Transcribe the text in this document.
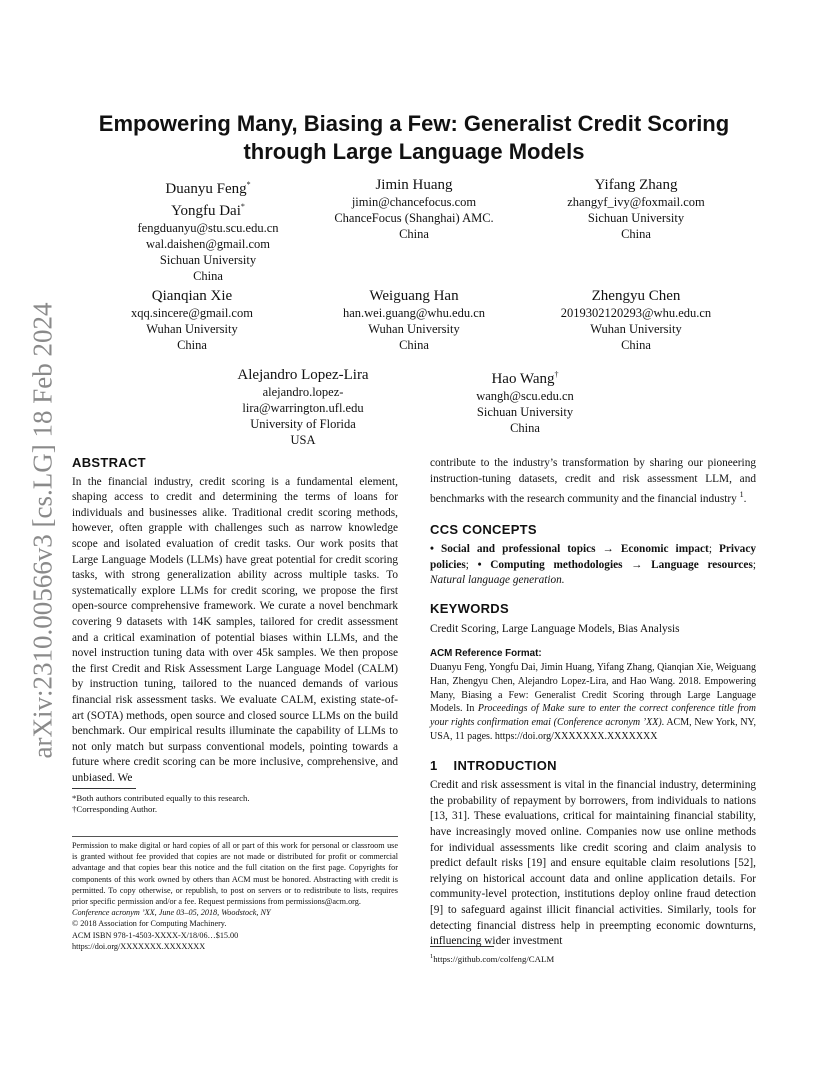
arXiv:2310.00566v3 [cs.LG] 18 Feb 2024
Empowering Many, Biasing a Few: Generalist Credit Scoring
through Large Language Models
Duanyu Feng*
Yongfu Dai*
fengduanyu@stu.scu.edu.cn
wal.daishen@gmail.com
Sichuan University
China
Jimin Huang
jimin@chancefocus.com
ChanceFocus (Shanghai) AMC.
China
Yifang Zhang
zhangyf_ivy@foxmail.com
Sichuan University
China
Qianqian Xie
xqq.sincere@gmail.com
Wuhan University
China
Weiguang Han
han.wei.guang@whu.edu.cn
Wuhan University
China
Zhengyu Chen
2019302120293@whu.edu.cn
Wuhan University
China
Alejandro Lopez-Lira
alejandro.lopez-
lira@warrington.ufl.edu
University of Florida
USA
Hao Wang†
wangh@scu.edu.cn
Sichuan University
China
ABSTRACT

In the financial industry, credit scoring is a fundamental element, shaping access to credit and determining the terms of loans for individuals and businesses alike. Traditional credit scoring methods, however, often grapple with challenges such as narrow knowledge scope and isolated evaluation of credit tasks. Our work posits that Large Language Models (LLMs) have great potential for credit scoring tasks, with strong generalization ability across multiple tasks. To systematically explore LLMs for credit scoring, we propose the first open-source comprehensive framework. We curate a novel benchmark covering 9 datasets with 14K samples, tailored for credit assessment and a critical examination of potential biases within LLMs, and the novel instruction tuning data with over 45k samples. We then propose the first Credit and Risk Assessment Large Language Model (CALM) by instruction tuning, tailored to the nuanced demands of various financial risk assessment tasks. We evaluate CALM, existing state-of-art (SOTA) methods, open source and closed source LLMs on the build benchmark. Our empirical results illuminate the capability of LLMs to not only match but surpass conventional models, pointing towards a future where credit scoring can be more inclusive, comprehensive, and unbiased. We

*Both authors contributed equally to this research.
†Corresponding Author.
Permission to make digital or hard copies of all or part of this work for personal or classroom use is granted without fee provided that copies are not made or distributed for profit or commercial advantage and that copies bear this notice and the full citation on the first page. Copyrights for components of this work owned by others than ACM must be honored. Abstracting with credit is permitted. To copy otherwise, or republish, to post on servers or to redistribute to lists, requires prior specific permission and/or a fee. Request permissions from permissions@acm.org.
Conference acronym ’XX, June 03–05, 2018, Woodstock, NY
© 2018 Association for Computing Machinery.
ACM ISBN 978-1-4503-XXXX-X/18/06…$15.00
https://doi.org/XXXXXXX.XXXXXXX

contribute to the industry’s transformation by sharing our pioneering instruction-tuning datasets, credit and risk assessment LLM, and benchmarks with the research community and the financial industry $^1$.

CCS CONCEPTS

• Social and professional topics → Economic impact; Privacy policies; • Computing methodologies → Language resources; Natural language generation.

KEYWORDS

Credit Scoring, Large Language Models, Bias Analysis

ACM Reference Format:

Duanyu Feng, Yongfu Dai, Jimin Huang, Yifang Zhang, Qianqian Xie, Weiguang Han, Zhengyu Chen, Alejandro Lopez-Lira, and Hao Wang. 2018. Empowering Many, Biasing a Few: Generalist Credit Scoring through Large Language Models. In Proceedings of Make sure to enter the correct conference title from your rights confirmation emai (Conference acronym ’XX). ACM, New York, NY, USA, 11 pages. https://doi.org/XXXXXXX.XXXXXXX

1 INTRODUCTION

Credit and risk assessment is vital in the financial industry, determining the probability of repayment by borrowers, from individuals to nations [13, 31]. These evaluations, critical for maintaining financial stability, have increasingly moved online. Companies now use online methods for individual assessments like credit scoring and claim analysis to predict default risks [19] and ensure equitable claim resolutions [52], relying on historical account data and online application details. For community-level protection, institutions deploy online fraud detection [9] to safeguard against illicit financial activities. Similarly, tools for detecting financial distress help in preempting economic downturns, influencing wider investment

$^1$https://github.com/colfeng/CALM
